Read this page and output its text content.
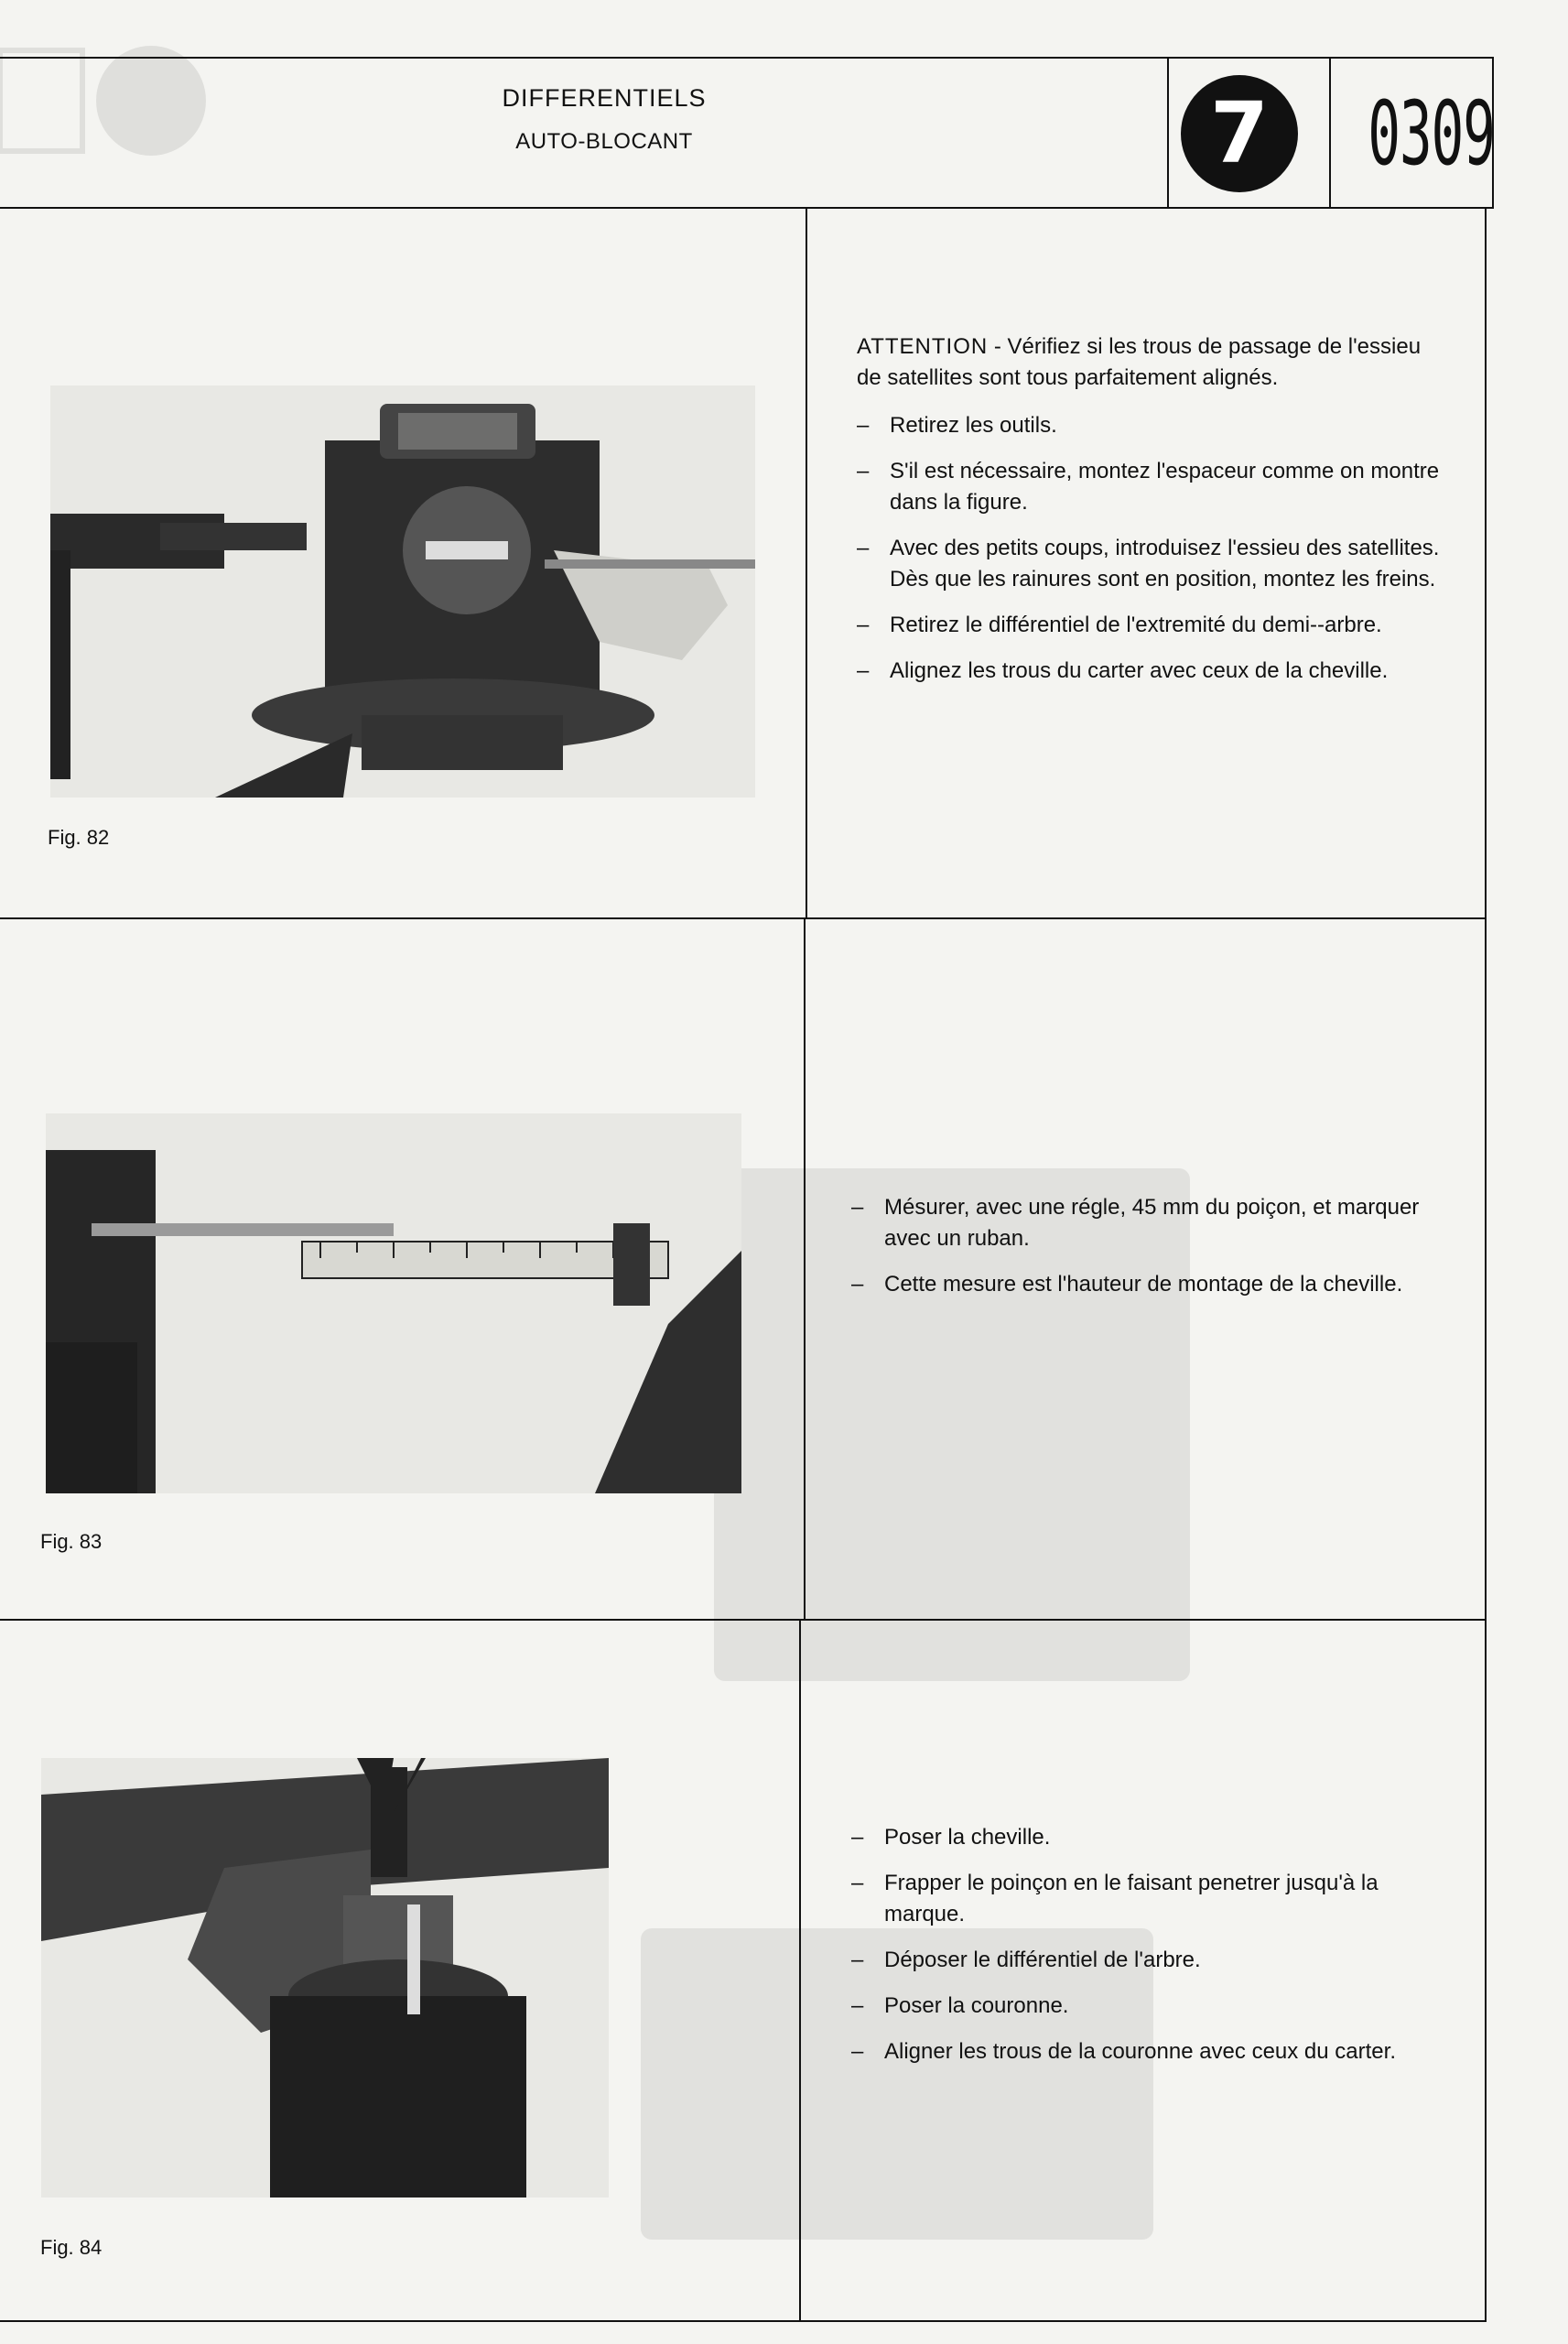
DIFFERENTIELS
AUTO-BLOCANT	7	0309
Fig. 82

ATTENTION - Vérifiez si les trous de passage de l'essieu de satellites sont tous parfaitement alignés.

– Retirez les outils.
– S'il est nécessaire, montez l'espaceur comme on montre dans la figure.
– Avec des petits coups, introduisez l'essieu des satellites. Dès que les rainures sont en position, montez les freins.
– Retirez le différentiel de l'extremité du demi--arbre.
– Alignez les trous du carter avec ceux de la cheville.
Fig. 83
– Mésurer, avec une régle, 45 mm du poiçon, et marquer avec un ruban.
– Cette mesure est l'hauteur de montage de la cheville.
Fig. 84
– Poser la cheville.
– Frapper le poinçon en le faisant penetrer jusqu'à la marque.
– Déposer le différentiel de l'arbre.
– Poser la couronne.
– Aligner les trous de la couronne avec ceux du carter.
